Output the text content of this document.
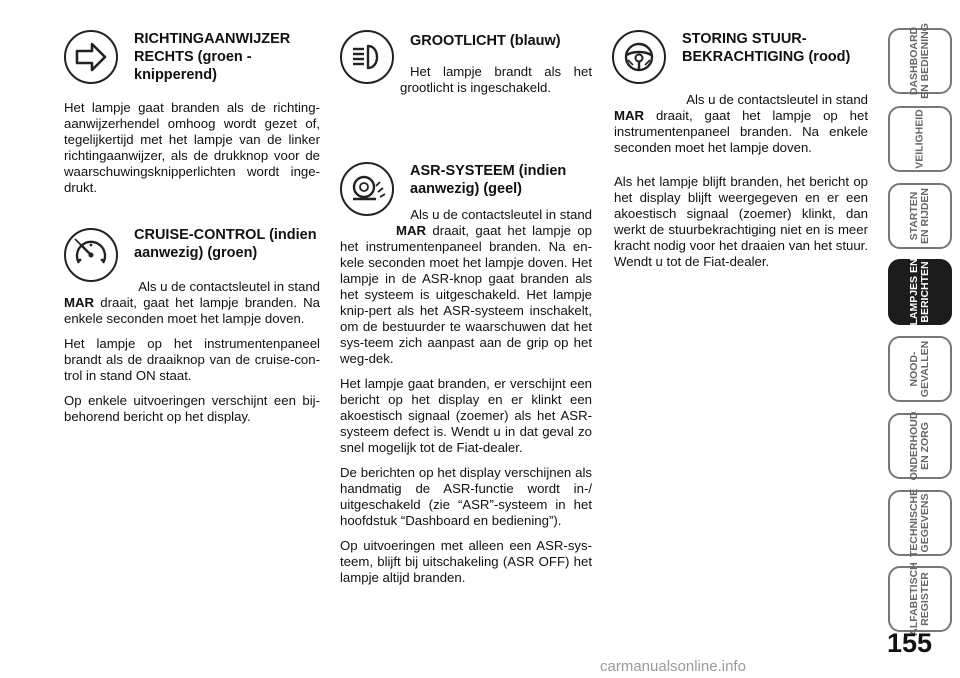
RICHTINGAANWIJZER RECHTS (groen - knipperend)

Het lampje gaat branden als de richting-aanwijzerhendel omhoog wordt gezet of, tegelijkertijd met het lampje van de linker richtingaanwijzer, als de drukknop voor de waarschuwingsknipperlichten wordt inge-drukt.

CRUISE-CONTROL (indien aanwezig) (groen)

Als u de contactsleutel in stand
MAR draait, gaat het lampje branden. Na enkele seconden moet het lampje doven.

Het lampje op het instrumentenpaneel brandt als de draaiknop van de cruise-con-trol in stand ON staat.

Op enkele uitvoeringen verschijnt een bij-behorend bericht op het display.

GROOTLICHT (blauw)

Het lampje brandt als het grootlicht is ingeschakeld.

ASR-SYSTEEM (indien aanwezig) (geel)

Als u de contactsleutel in stand
MAR draait, gaat het lampje op het instrumentenpaneel branden. Na en-kele seconden moet het lampje doven. Het lampje in de ASR-knop gaat branden als het systeem is uitgeschakeld. Het lampje knip-pert als het ASR-systeem inschakelt, om de bestuurder te waarschuwen dat het sys-teem zich aanpast aan de grip op het weg-dek.

Het lampje gaat branden, er verschijnt een bericht op het display en er klinkt een akoestisch signaal (zoemer) als het ASR-systeem defect is. Wendt u in dat geval zo snel mogelijk tot de Fiat-dealer.

De berichten op het display verschijnen als handmatig de ASR-functie wordt in-/ uitgeschakeld (zie “ASR”-systeem in het hoofdstuk “Dashboard en bediening”).

Op uitvoeringen met alleen een ASR-sys-teem, blijft bij uitschakeling (ASR OFF) het lampje altijd branden.

STORING STUUR-BEKRACHTIGING (rood)

Als u de contactsleutel in stand
MAR draait, gaat het lampje op het instrumentenpaneel branden. Na enkele seconden moet het lampje doven.

Als het lampje blijft branden, het bericht op het display blijft weergegeven en er een akoestisch signaal (zoemer) klinkt, dan werkt de stuurbekrachtiging niet en is meer kracht nodig voor het draaien van het stuur. Wendt u tot de Fiat-dealer.

DASHBOARD
EN BEDIENING
VEILIGHEID
STARTEN
EN RIJDEN
LAMPJES EN
BERICHTEN
NOOD-
GEVALLEN
ONDERHOUD
EN ZORG
TECHNISCHE
GEGEVENS
ALFABETISCH
REGISTER
155
carmanualsonline.info
